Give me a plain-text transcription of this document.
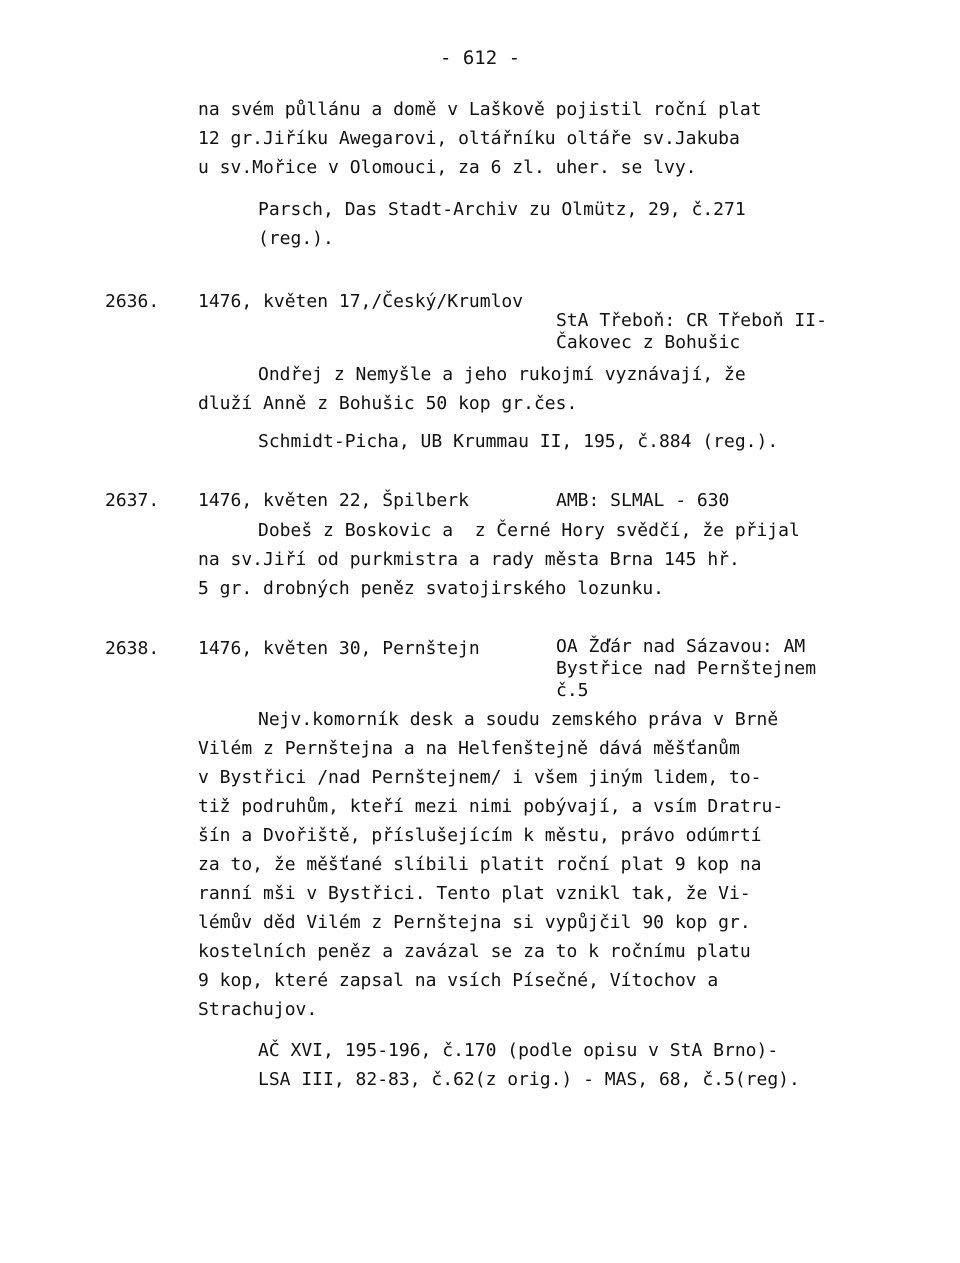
- 612 -
na svém půllánu a domě v Laškově pojistil roční plat
12 gr.Jiříku Awegarovi, oltářníku oltáře sv.Jakuba
u sv.Mořice v Olomouci, za 6 zl. uher. se lvy.
Parsch, Das Stadt-Archiv zu Olmütz, 29, č.271
(reg.).
2636. 1476, květen 17,/Český/Krumlov
StA Třeboň: CR Třeboň II-
Čakovec z Bohušic
Ondřej z Nemyšle a jeho rukojmí vyznávají, že
dluží Anně z Bohušic 50 kop gr.čes.
Schmidt-Picha, UB Krummau II, 195, č.884 (reg.).
2637. 1476, květen 22, Špilberk	AMB: SLMAL - 630
Dobeš z Boskovic a  z Černé Hory svědčí, že přijal
na sv.Jiří od purkmistra a rady města Brna 145 hř.
5 gr. drobných peněz svatojirského lozunku.
2638. 1476, květen 30, Pernštejn	OA Žďár nad Sázavou: AM
Bystřice nad Pernštejnem
č.5
Nejv.komorník desk a soudu zemského práva v Brně
Vilém z Pernštejna a na Helfenštejně dává měšťanům
v Bystřici /nad Pernštejnem/ i všem jiným lidem, to-
tiž podruhům, kteří mezi nimi pobývají, a vsím Dratru-
šín a Dvořiště, příslušejícím k městu, právo odúmrtí
za to, že měšťané slíbili platit roční plat 9 kop na
ranní mši v Bystřici. Tento plat vznikl tak, že Vi-
lémův děd Vilém z Pernštejna si vypůjčil 90 kop gr.
kostelních peněz a zavázal se za to k ročnímu platu
9 kop, které zapsal na vsích Písečné, Vítochov a
Strachujov.
AČ XVI, 195-196, č.170 (podle opisu v StA Brno)-
LSA III, 82-83, č.62(z orig.) - MAS, 68, č.5(reg).
